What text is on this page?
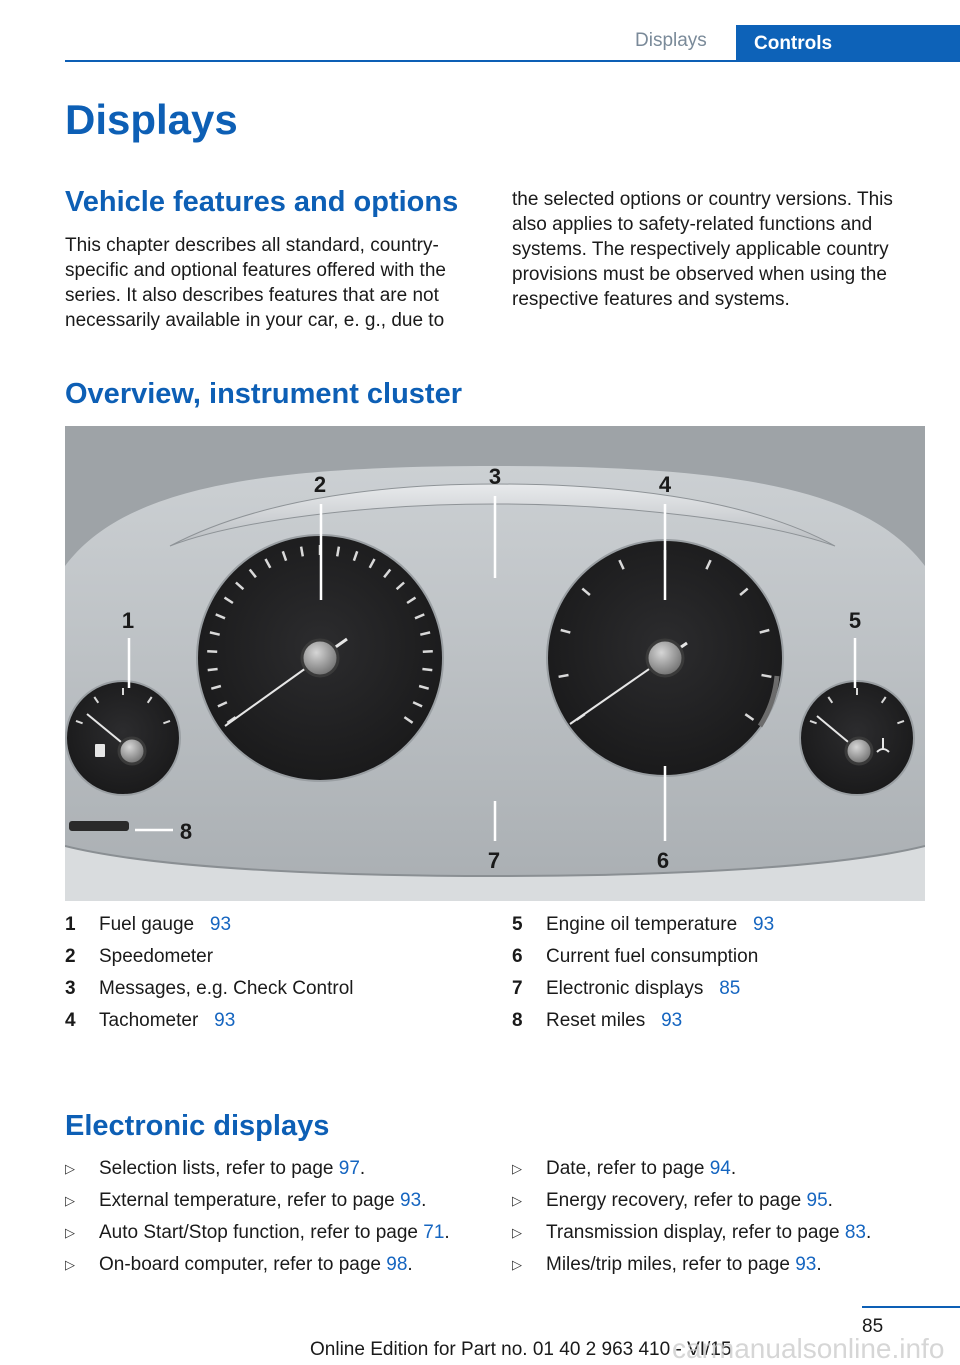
Displays	Controls
Displays
Vehicle features and options
This chapter describes all standard, country-
specific and optional features offered with the
series. It also describes features that are not
necessarily available in your car, e. g., due to
the selected options or country versions. This
also applies to safety-related functions and
systems. The respectively applicable country
provisions must be observed when using the
respective features and systems.
Overview, instrument cluster
1
2	3	4
5
6
7
8
1 Fuel gauge 93
2 Speedometer
3 Messages, e.g. Check Control
4 Tachometer 93
5 Engine oil temperature 93
6 Current fuel consumption
7 Electronic displays 85
8 Reset miles 93
Electronic displays
▷ Selection lists, refer to page 97.
▷ External temperature, refer to page 93.
▷ Auto Start/Stop function, refer to page 71.
▷ On-board computer, refer to page 98.
▷ Date, refer to page 94.
▷ Energy recovery, refer to page 95.
▷ Transmission display, refer to page 83.
▷ Miles/trip miles, refer to page 93.
85
Online Edition for Part no. 01 40 2 963 410 - VI/15
carmanualsonline.info
